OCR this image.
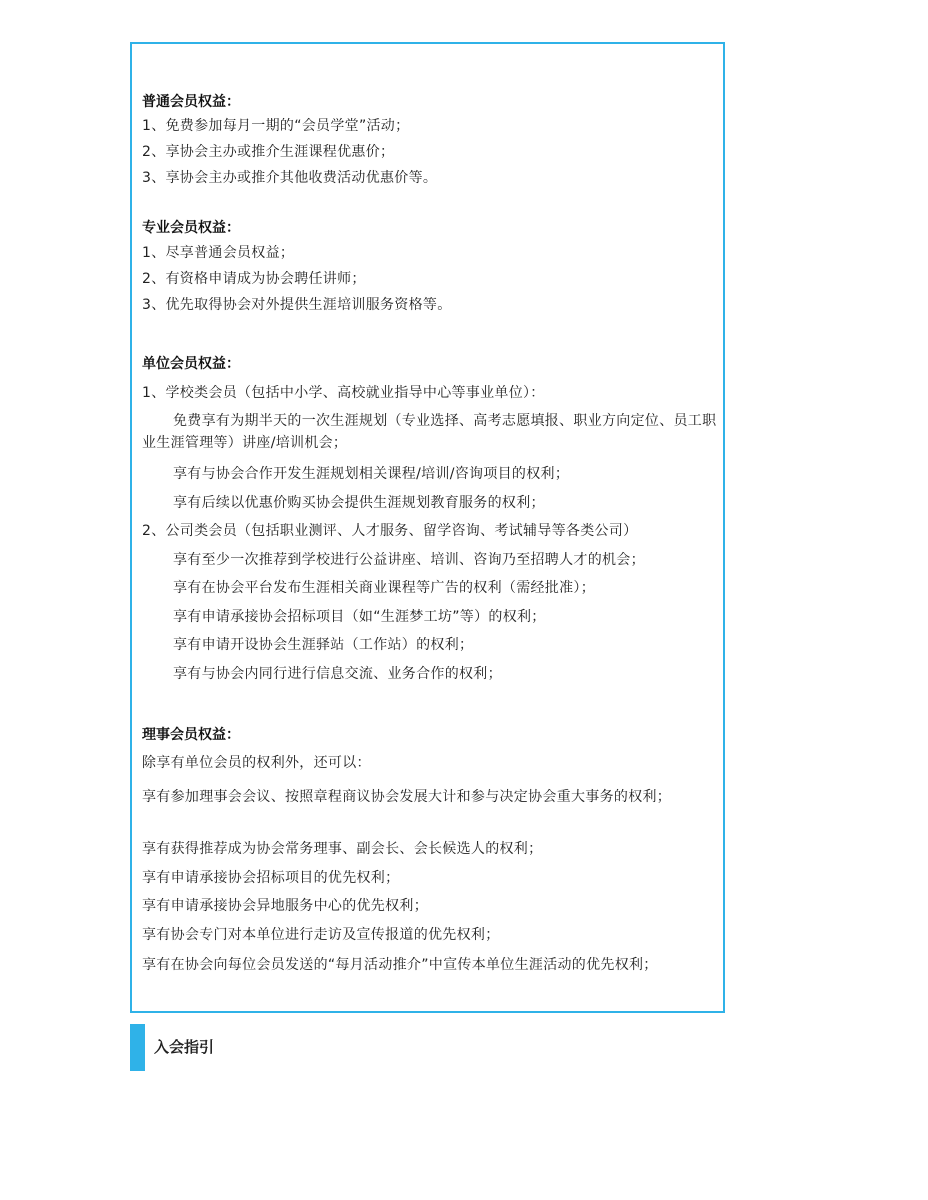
普通会员权益：
1、免费参加每月一期的“会员学堂”活动；
2、享协会主办或推介生涯课程优惠价；
3、享协会主办或推介其他收费活动优惠价等。
专业会员权益：
1、尽享普通会员权益；
2、有资格申请成为协会聘任讲师；
3、优先取得协会对外提供生涯培训服务资格等。
单位会员权益：
1、学校类会员（包括中小学、高校就业指导中心等事业单位）：
免费享有为期半天的一次生涯规划（专业选择、高考志愿填报、职业方向定位、员工职业生涯管理等）讲座/培训机会；
享有与协会合作开发生涯规划相关课程/培训/咨询项目的权利；
享有后续以优惠价购买协会提供生涯规划教育服务的权利；
2、公司类会员（包括职业测评、人才服务、留学咨询、考试辅导等各类公司）
享有至少一次推荐到学校进行公益讲座、培训、咨询乃至招聘人才的机会；
享有在协会平台发布生涯相关商业课程等广告的权利（需经批准）；
享有申请承接协会招标项目（如“生涯梦工坊”等）的权利；
享有申请开设协会生涯驿站（工作站）的权利；
享有与协会内同行进行信息交流、业务合作的权利；
理事会员权益：
除享有单位会员的权利外，还可以：
享有参加理事会会议、按照章程商议协会发展大计和参与决定协会重大事务的权利；
享有获得推荐成为协会常务理事、副会长、会长候选人的权利；
享有申请承接协会招标项目的优先权利；
享有申请承接协会异地服务中心的优先权利；
享有协会专门对本单位进行走访及宣传报道的优先权利；
享有在协会向每位会员发送的“每月活动推介”中宣传本单位生涯活动的优先权利；
入会指引
